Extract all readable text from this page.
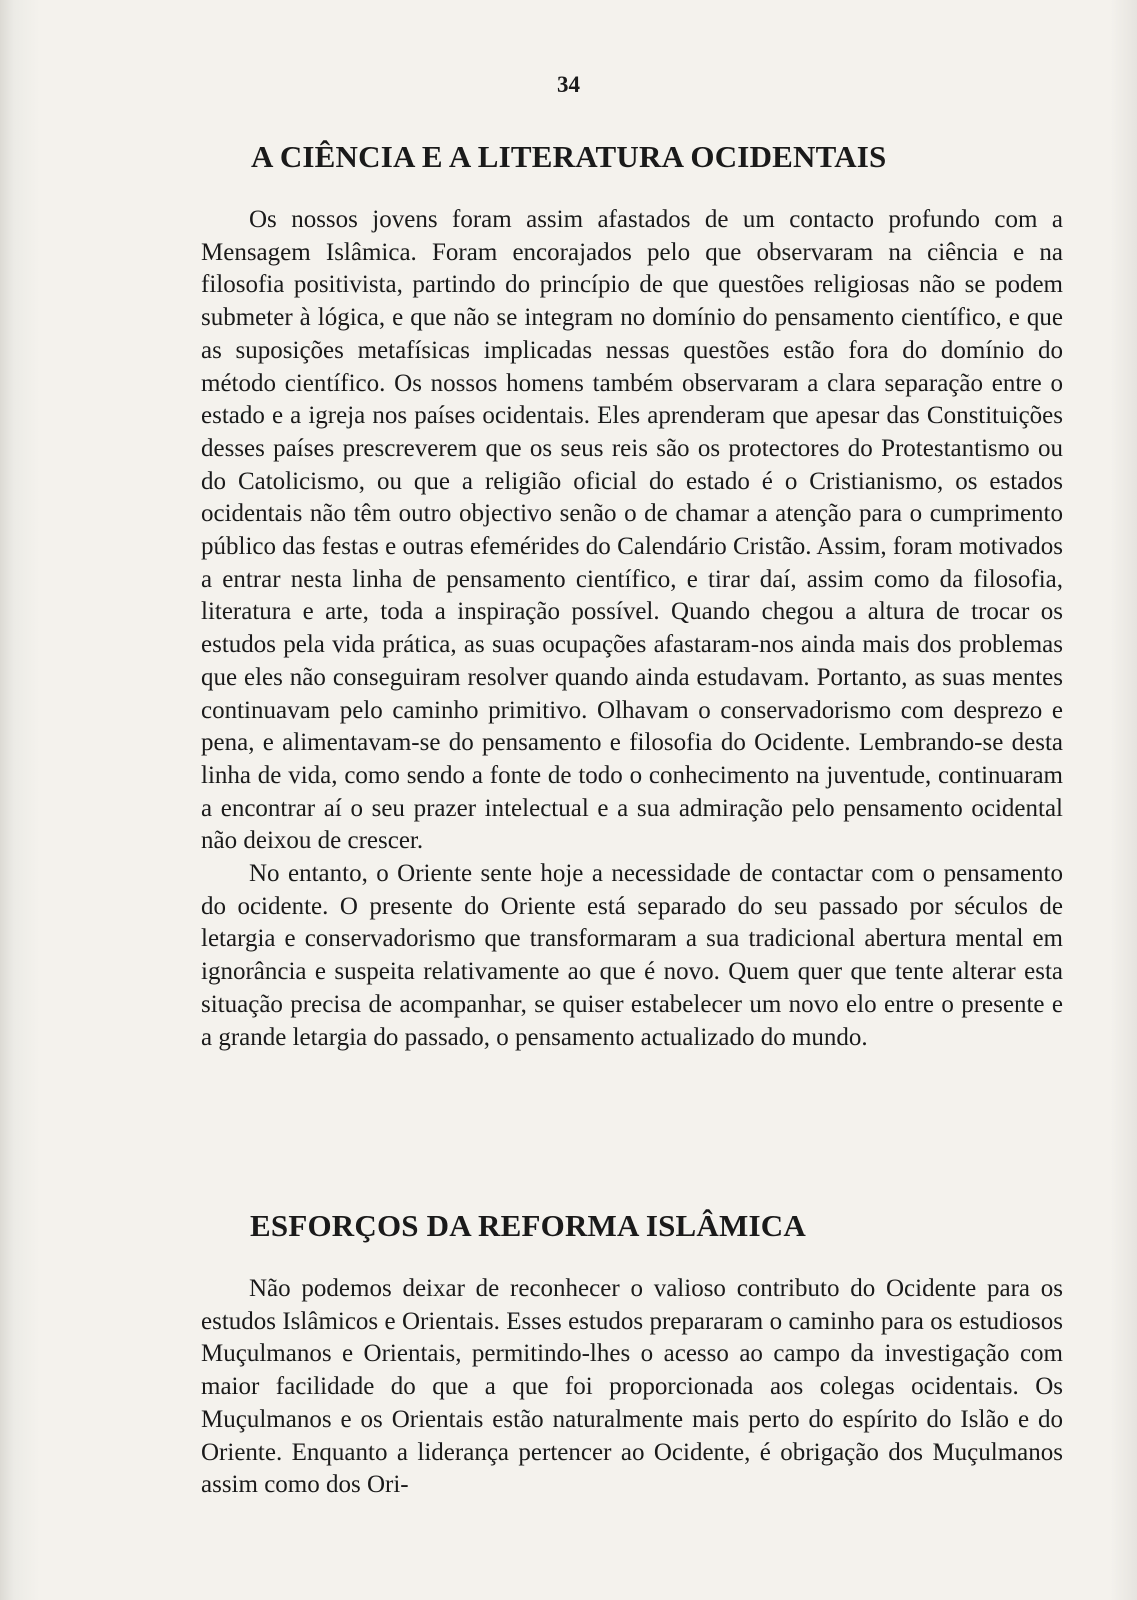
34
A CIÊNCIA E A LITERATURA OCIDENTAIS

Os nossos jovens foram assim afastados de um contacto profundo com a Mensagem Islâmica. Foram encorajados pelo que observaram na ciência e na filosofia positivista, partindo do princípio de que questões religiosas não se podem submeter à lógica, e que não se integram no domínio do pensamento científico, e que as suposições metafísicas implicadas nessas questões estão fora do domínio do método científico. Os nossos homens também observaram a clara separação entre o estado e a igreja nos países ocidentais. Eles aprenderam que apesar das Constituições desses países prescreverem que os seus reis são os protectores do Protestantismo ou do Catolicismo, ou que a religião oficial do estado é o Cristianismo, os estados ocidentais não têm outro objectivo senão o de chamar a atenção para o cumprimento público das festas e outras efemérides do Calendário Cristão. Assim, foram motivados a entrar nesta linha de pensamento científico, e tirar daí, assim como da filosofia, literatura e arte, toda a inspiração possível. Quando chegou a altura de trocar os estudos pela vida prática, as suas ocupações afastaram-nos ainda mais dos problemas que eles não conseguiram resolver quando ainda estudavam. Portanto, as suas mentes continuavam pelo caminho primitivo. Olhavam o conservadorismo com desprezo e pena, e alimentavam-se do pensamento e filosofia do Ocidente. Lembrando-se desta linha de vida, como sendo a fonte de todo o conhecimento na juventude, continuaram a encontrar aí o seu prazer intelectual e a sua admiração pelo pensamento ocidental não deixou de crescer.

No entanto, o Oriente sente hoje a necessidade de contactar com o pensamento do ocidente. O presente do Oriente está separado do seu passado por séculos de letargia e conservadorismo que transformaram a sua tradicional abertura mental em ignorância e suspeita relativamente ao que é novo. Quem quer que tente alterar esta situação precisa de acompanhar, se quiser estabelecer um novo elo entre o presente e a grande letargia do passado, o pensamento actualizado do mundo.

ESFORÇOS DA REFORMA ISLÂMICA

Não podemos deixar de reconhecer o valioso contributo do Ocidente para os estudos Islâmicos e Orientais. Esses estudos prepararam o caminho para os estudiosos Muçulmanos e Orientais, permitindo-lhes o acesso ao campo da investigação com maior facilidade do que a que foi proporcionada aos colegas ocidentais. Os Muçulmanos e os Orientais estão naturalmente mais perto do espírito do Islão e do Oriente. Enquanto a liderança pertencer ao Ocidente, é obrigação dos Muçulmanos assim como dos Ori-
